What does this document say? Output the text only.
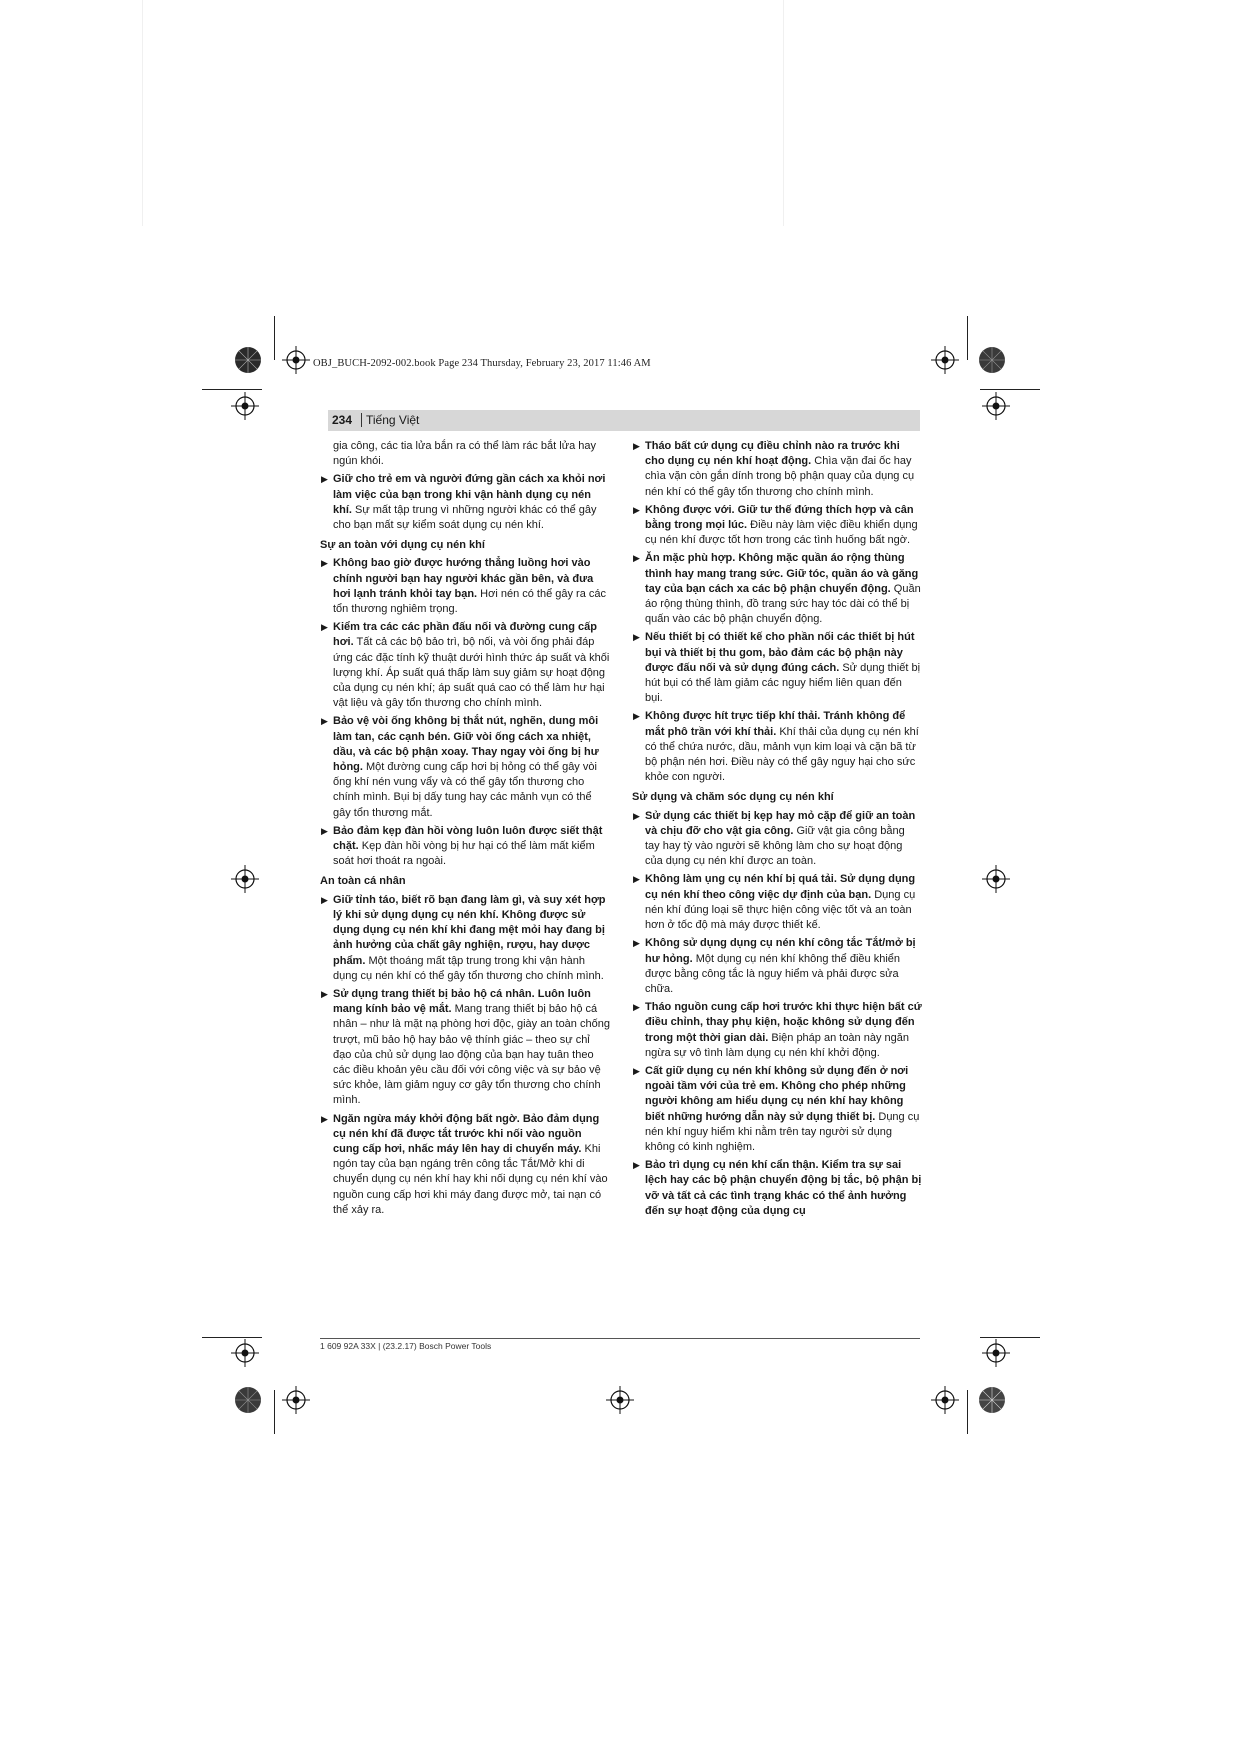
OBJ_BUCH-2092-002.book Page 234 Thursday, February 23, 2017 11:46 AM
234 Tiếng Việt

gia công, các tia lửa bắn ra có thể làm rác bắt lửa hay ngún khói.

▶ Giữ cho trẻ em và người đứng gần cách xa khỏi nơi làm việc của bạn trong khi vận hành dụng cụ nén khí. Sự mất tập trung vì những người khác có thể gây cho bạn mất sự kiểm soát dụng cụ nén khí.
Sự an toàn với dụng cụ nén khí
▶ Không bao giờ được hướng thẳng luồng hơi vào chính người bạn hay người khác gần bên, và đưa hơi lạnh tránh khỏi tay bạn. Hơi nén có thể gây ra các tổn thương nghiêm trọng.
▶ Kiểm tra các các phần đấu nối và đường cung cấp hơi. Tất cả các bộ bảo trì, bộ nối, và vòi ống phải đáp ứng các đặc tính kỹ thuật dưới hình thức áp suất và khối lượng khí. Áp suất quá thấp làm suy giảm sự hoạt động của dụng cụ nén khí; áp suất quá cao có thể làm hư hại vật liệu và gây tổn thương cho chính mình.
▶ Bảo vệ vòi ống không bị thắt nút, nghẽn, dung môi làm tan, các cạnh bén. Giữ vòi ống cách xa nhiệt, dầu, và các bộ phận xoay. Thay ngay vòi ống bị hư hỏng. Một đường cung cấp hơi bị hỏng có thể gây vòi ống khí nén vung vẩy và có thể gây tổn thương cho chính mình. Bụi bị dấy tung hay các mảnh vụn có thể gây tổn thương mắt.
▶ Bảo đảm kẹp đàn hồi vòng luôn luôn được siết thật chặt. Kẹp đàn hồi vòng bị hư hại có thể làm mất kiểm soát hơi thoát ra ngoài.
An toàn cá nhân
▶ Giữ tỉnh táo, biết rõ bạn đang làm gì, và suy xét hợp lý khi sử dụng dụng cụ nén khí. Không được sử dụng dụng cụ nén khí khi đang mệt mỏi hay đang bị ảnh hưởng của chất gây nghiện, rượu, hay dược phẩm. Một thoáng mất tập trung trong khi vận hành dụng cụ nén khí có thể gây tổn thương cho chính mình.
▶ Sử dụng trang thiết bị bảo hộ cá nhân. Luôn luôn mang kính bảo vệ mắt. Mang trang thiết bị bảo hộ cá nhân – như là mặt nạ phòng hơi độc, giày an toàn chống trượt, mũ bảo hộ hay bảo vệ thính giác – theo sự chỉ đạo của chủ sử dụng lao động của bạn hay tuân theo các điều khoản yêu cầu đối với công việc và sự bảo vệ sức khỏe, làm giảm nguy cơ gây tổn thương cho chính mình.
▶ Ngăn ngừa máy khởi động bất ngờ. Bảo đảm dụng cụ nén khí đã được tắt trước khi nối vào nguồn cung cấp hơi, nhấc máy lên hay di chuyển máy. Khi ngón tay của bạn ngáng trên công tắc Tắt/Mở khi di chuyển dụng cụ nén khí hay khi nối dụng cụ nén khí vào nguồn cung cấp hơi khi máy đang được mở, tai nạn có thể xảy ra.
▶ Tháo bất cứ dụng cụ điều chỉnh nào ra trước khi cho dụng cụ nén khí hoạt động. Chìa vặn đai ốc hay chìa vặn còn gắn dính trong bộ phận quay của dụng cụ nén khí có thể gây tổn thương cho chính mình.
▶ Không được với. Giữ tư thế đứng thích hợp và cân bằng trong mọi lúc. Điều này làm việc điều khiển dụng cụ nén khí được tốt hơn trong các tình huống bất ngờ.
▶ Ăn mặc phù hợp. Không mặc quần áo rộng thùng thình hay mang trang sức. Giữ tóc, quần áo và găng tay của bạn cách xa các bộ phận chuyển động. Quần áo rộng thùng thình, đồ trang sức hay tóc dài có thể bị quấn vào các bộ phận chuyển động.
▶ Nếu thiết bị có thiết kế cho phần nối các thiết bị hút bụi và thiết bị thu gom, bảo đảm các bộ phận này được đấu nối và sử dụng đúng cách. Sử dụng thiết bị hút bụi có thể làm giảm các nguy hiểm liên quan đến bụi.
▶ Không được hít trực tiếp khí thải. Tránh không để mắt phô trần với khí thải. Khí thải của dụng cụ nén khí có thể chứa nước, dầu, mảnh vụn kim loại và cặn bã từ bộ phận nén hơi. Điều này có thể gây nguy hại cho sức khỏe con người.
Sử dụng và chăm sóc dụng cụ nén khí
▶ Sử dụng các thiết bị kẹp hay mỏ cặp để giữ an toàn và chịu đỡ cho vật gia công. Giữ vật gia công bằng tay hay tỳ vào người sẽ không làm cho sự hoạt động của dụng cụ nén khí được an toàn.
▶ Không làm ụng cụ nén khí bị quá tải. Sử dụng dụng cụ nén khí theo công việc dự định của bạn. Dụng cụ nén khí đúng loại sẽ thực hiện công việc tốt và an toàn hơn ở tốc độ mà máy được thiết kế.
▶ Không sử dụng dụng cụ nén khí công tắc Tắt/mở bị hư hỏng. Một dụng cụ nén khí không thể điều khiển được bằng công tắc là nguy hiểm và phải được sửa chữa.
▶ Tháo nguồn cung cấp hơi trước khi thực hiện bất cứ điều chỉnh, thay phụ kiện, hoặc không sử dụng đến trong một thời gian dài. Biện pháp an toàn này ngăn ngừa sự vô tình làm dụng cụ nén khí khởi động.
▶ Cất giữ dụng cụ nén khí không sử dụng đến ở nơi ngoài tầm với của trẻ em. Không cho phép những người không am hiểu dụng cụ nén khí hay không biết những hướng dẫn này sử dụng thiết bị. Dụng cụ nén khí nguy hiểm khi nằm trên tay người sử dụng không có kinh nghiệm.
▶ Bảo trì dụng cụ nén khí cẩn thận. Kiểm tra sự sai lệch hay các bộ phận chuyển động bị tắc, bộ phận bị vỡ và tất cả các tình trạng khác có thể ảnh hưởng đến sự hoạt động của dụng cụ
1 609 92A 33X | (23.2.17) Bosch Power Tools
